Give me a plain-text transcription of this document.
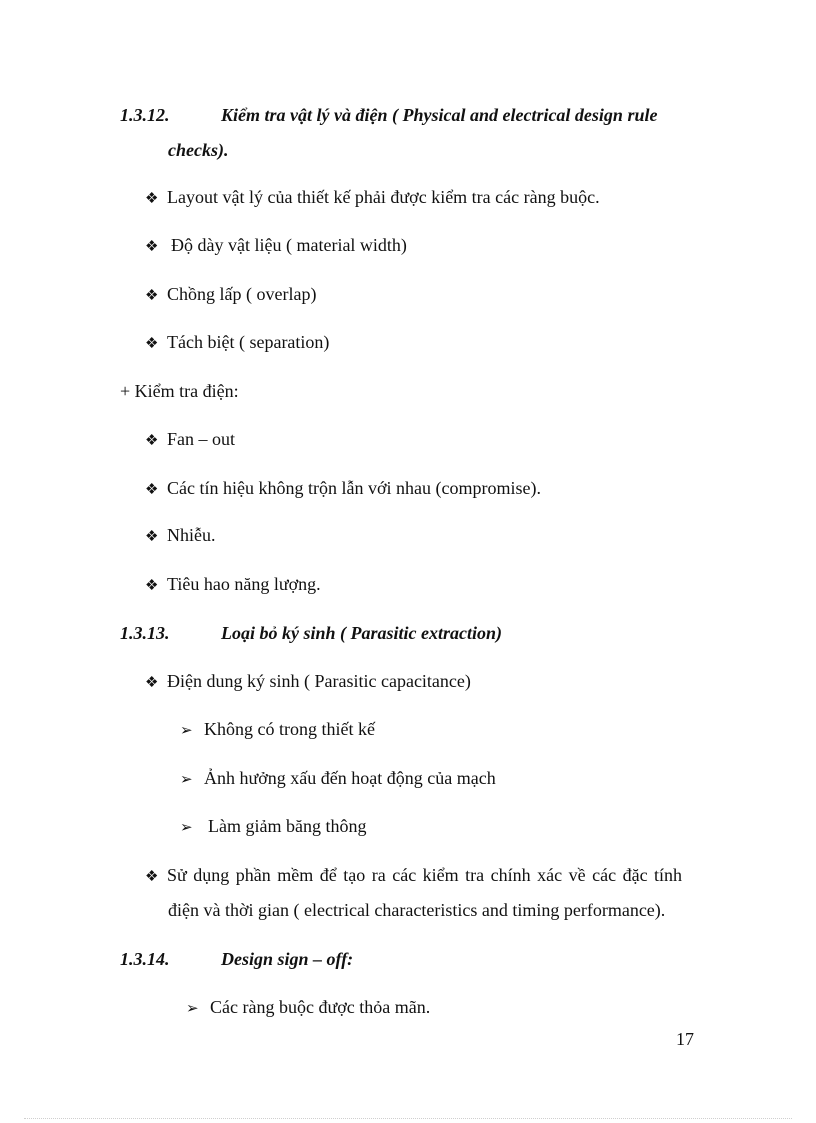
1.3.12.	Kiểm tra vật lý và điện ( Physical and electrical design rule
checks).
❖ Layout vật lý của thiết kế phải được kiểm tra các ràng buộc.
❖ Độ dày vật liệu ( material width)
❖ Chồng lấp ( overlap)
❖ Tách biệt ( separation)
+ Kiểm tra điện:
❖ Fan – out
❖ Các tín hiệu không trộn lẫn với nhau (compromise).
❖ Nhiễu.
❖ Tiêu hao năng lượng.
1.3.13.	Loại bỏ ký sinh ( Parasitic extraction)
❖ Điện dung ký sinh ( Parasitic capacitance)
➢ Không có trong thiết kế
➢ Ảnh hưởng xấu đến hoạt động của mạch
➢ Làm giảm băng thông
❖ Sử dụng phần mềm để tạo ra các kiểm tra chính xác về các đặc tính
điện và thời gian ( electrical characteristics and timing performance).
1.3.14.	Design sign – off:
➢ Các ràng buộc được thỏa mãn.
17
